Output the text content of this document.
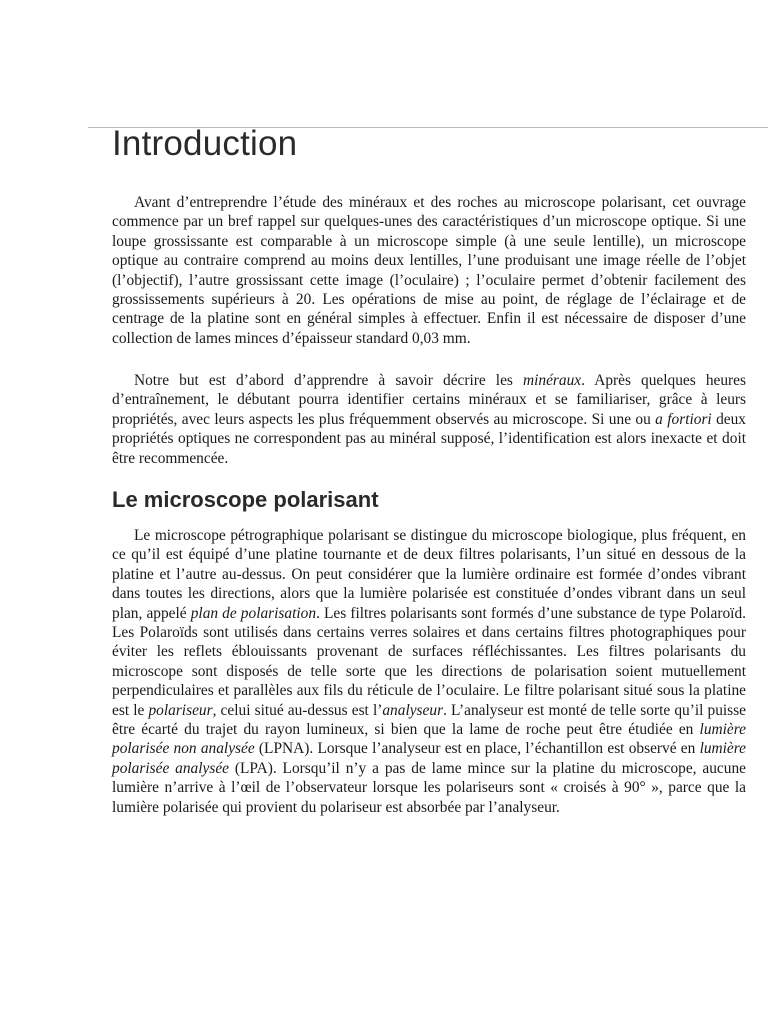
Introduction

Avant d’entreprendre l’étude des minéraux et des roches au microscope polarisant, cet ouvrage commence par un bref rappel sur quelques-unes des caractéristiques d’un microscope optique. Si une loupe grossissante est comparable à un microscope simple (à une seule lentille), un microscope optique au contraire comprend au moins deux lentilles, l’une produisant une image réelle de l’objet (l’objectif), l’autre grossissant cette image (l’oculaire) ; l’oculaire permet d’obtenir facilement des grossissements supérieurs à 20. Les opérations de mise au point, de réglage de l’éclairage et de centrage de la platine sont en général simples à effectuer. Enfin il est nécessaire de disposer d’une collection de lames minces d’épaisseur standard 0,03 mm.

Notre but est d’abord d’apprendre à savoir décrire les minéraux. Après quelques heures d’entraînement, le débutant pourra identifier certains minéraux et se familiariser, grâce à leurs propriétés, avec leurs aspects les plus fréquemment observés au microscope. Si une ou a fortiori deux propriétés optiques ne correspondent pas au minéral supposé, l’identification est alors inexacte et doit être recommencée.

Le microscope polarisant

Le microscope pétrographique polarisant se distingue du microscope biologique, plus fréquent, en ce qu’il est équipé d’une platine tournante et de deux filtres polarisants, l’un situé en dessous de la platine et l’autre au-dessus. On peut considérer que la lumière ordinaire est formée d’ondes vibrant dans toutes les directions, alors que la lumière polarisée est constituée d’ondes vibrant dans un seul plan, appelé plan de polarisation. Les filtres polarisants sont formés d’une substance de type Polaroïd. Les Polaroïds sont utilisés dans certains verres solaires et dans certains filtres photographiques pour éviter les reflets éblouissants provenant de surfaces réfléchissantes. Les filtres polarisants du microscope sont disposés de telle sorte que les directions de polarisation soient mutuellement perpendiculaires et parallèles aux fils du réticule de l’oculaire. Le filtre polarisant situé sous la platine est le polariseur, celui situé au-dessus est l’analyseur. L’analyseur est monté de telle sorte qu’il puisse être écarté du trajet du rayon lumineux, si bien que la lame de roche peut être étudiée en lumière polarisée non analysée (LPNA). Lorsque l’analyseur est en place, l’échantillon est observé en lumière polarisée analysée (LPA). Lorsqu’il n’y a pas de lame mince sur la platine du microscope, aucune lumière n’arrive à l’œil de l’observateur lorsque les polariseurs sont « croisés à 90° », parce que la lumière polarisée qui provient du polariseur est absorbée par l’analyseur.
